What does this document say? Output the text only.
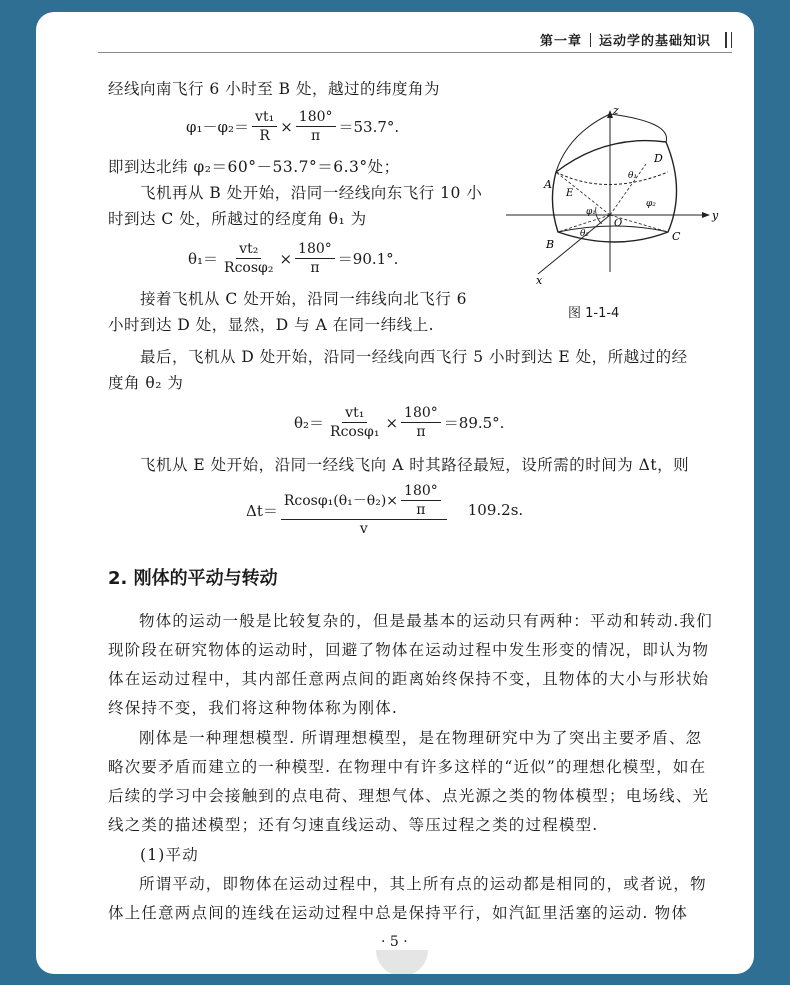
第一章	运动学的基础知识
经线向南飞行 6 小时至 B 处，越过的纬度角为
$\varphi_1-\varphi_2= \frac{\text{vt₁}}{R} \times \frac{180^\circ}{\pi} =53.7^\circ$.
即到达北纬 φ₂＝60°－53.7°＝6.3°处；
飞机再从 B 处开始，沿同一经线向东飞行 10 小
时到达 C 处，所越过的经度角 θ₁ 为
$\theta_1= \frac{\text{vt₂}}{\text{Rcosφ₂}} \times \frac{180^\circ}{\pi} =90.1^\circ$.
接着飞机从 C 处开始，沿同一纬线向北飞行 6
小时到达 D 处，显然，D 与 A 在同一纬线上.
最后，飞机从 D 处开始，沿同一经线向西飞行 5 小时到达 E 处，所越过的经
度角 θ₂ 为
$\theta_2= \frac{\text{vt₁}}{\text{Rcosφ₁}} \times \frac{180^\circ}{\pi} =89.5^\circ$.
飞机从 E 处开始，沿同一经线飞向 A 时其路径最短，设所需的时间为 Δt，则
$\Delta t= \frac{Rcos\varphi_1(\theta_1-\theta_2)\times \frac{180^\circ}{\pi}}{v} 109.2s$.
z
y
x
A
B
C
D
E
O
θ₁
θ₂
φ₁
φ₂
图 1-1-4
2. 刚体的平动与转动
物体的运动一般是比较复杂的，但是最基本的运动只有两种：平动和转动.我们现阶段在研究物体的运动时，回避了物体在运动过程中发生形变的情况，即认为物体在运动过程中，其内部任意两点间的距离始终保持不变，且物体的大小与形状始终保持不变，我们将这种物体称为刚体.
刚体是一种理想模型. 所谓理想模型，是在物理研究中为了突出主要矛盾、忽略次要矛盾而建立的一种模型. 在物理中有许多这样的“近似”的理想化模型，如在后续的学习中会接触到的点电荷、理想气体、点光源之类的物体模型；电场线、光线之类的描述模型；还有匀速直线运动、等压过程之类的过程模型.
(1)平动
所谓平动，即物体在运动过程中，其上所有点的运动都是相同的，或者说，物体上任意两点间的连线在运动过程中总是保持平行，如汽缸里活塞的运动. 物体
· 5 ·
